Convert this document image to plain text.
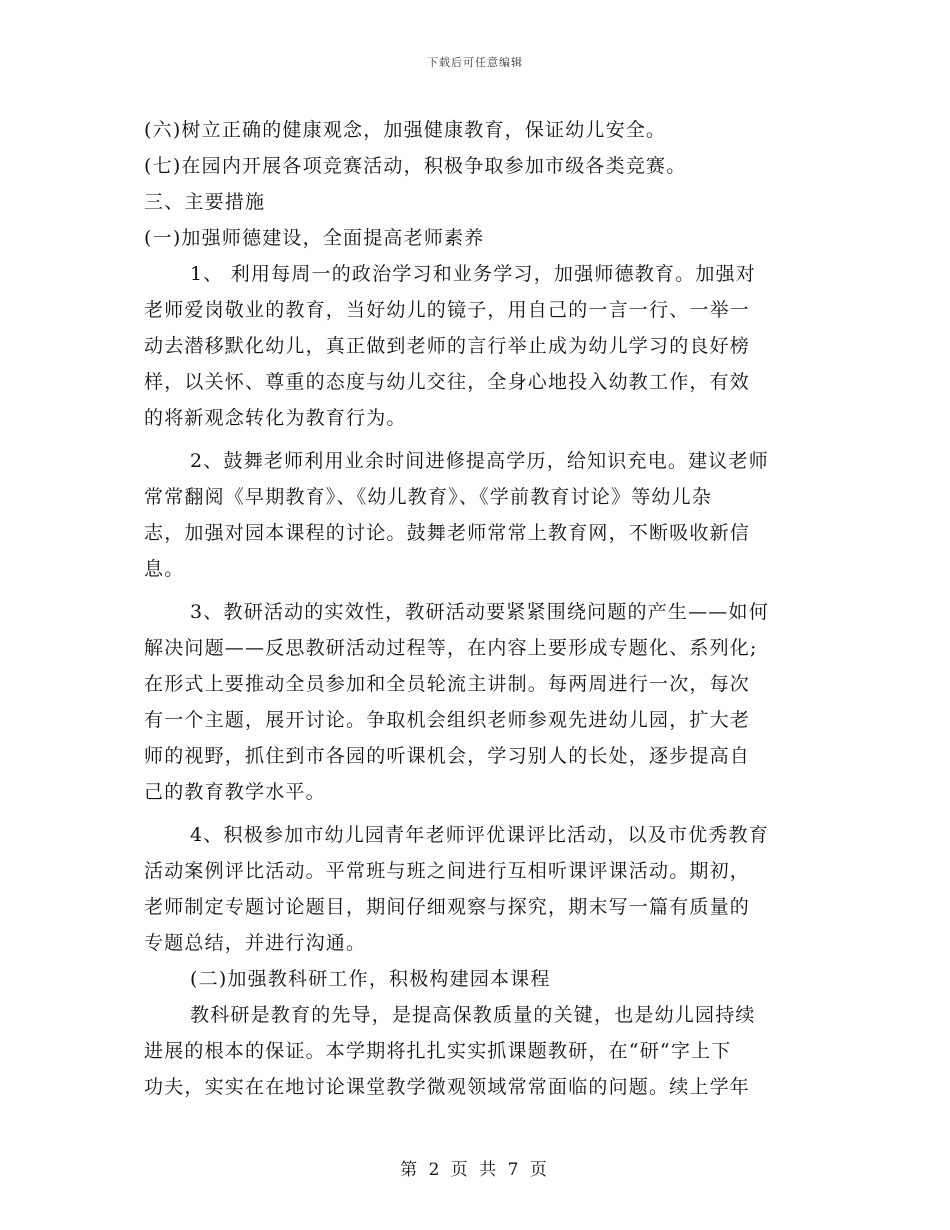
下载后可任意编辑
(六)树立正确的健康观念，加强健康教育，保证幼儿安全。
(七)在园内开展各项竞赛活动，积极争取参加市级各类竞赛。
三、主要措施
(一)加强师德建设，全面提高老师素养
1、 利用每周一的政治学习和业务学习，加强师德教育。加强对
老师爱岗敬业的教育，当好幼儿的镜子，用自己的一言一行、一举一
动去潜移默化幼儿，真正做到老师的言行举止成为幼儿学习的良好榜
样，以关怀、尊重的态度与幼儿交往，全身心地投入幼教工作，有效
的将新观念转化为教育行为。
2、鼓舞老师利用业余时间进修提高学历，给知识充电。建议老师
常常翻阅《早期教育》、《幼儿教育》、《学前教育讨论》等幼儿杂
志，加强对园本课程的讨论。鼓舞老师常常上教育网，不断吸收新信
息。
3、教研活动的实效性，教研活动要紧紧围绕问题的产生——如何
解决问题——反思教研活动过程等，在内容上要形成专题化、系列化;
在形式上要推动全员参加和全员轮流主讲制。每两周进行一次，每次
有一个主题，展开讨论。争取机会组织老师参观先进幼儿园，扩大老
师的视野，抓住到市各园的听课机会，学习别人的长处，逐步提高自
己的教育教学水平。
4、积极参加市幼儿园青年老师评优课评比活动，以及市优秀教育
活动案例评比活动。平常班与班之间进行互相听课评课活动。期初，
老师制定专题讨论题目，期间仔细观察与探究，期末写一篇有质量的
专题总结，并进行沟通。
(二)加强教科研工作，积极构建园本课程
教科研是教育的先导，是提高保教质量的关键，也是幼儿园持续
进展的根本的保证。本学期将扎扎实实抓课题教研，在“研“字上下
功夫，实实在在地讨论课堂教学微观领域常常面临的问题。续上学年
第 2 页 共 7 页
